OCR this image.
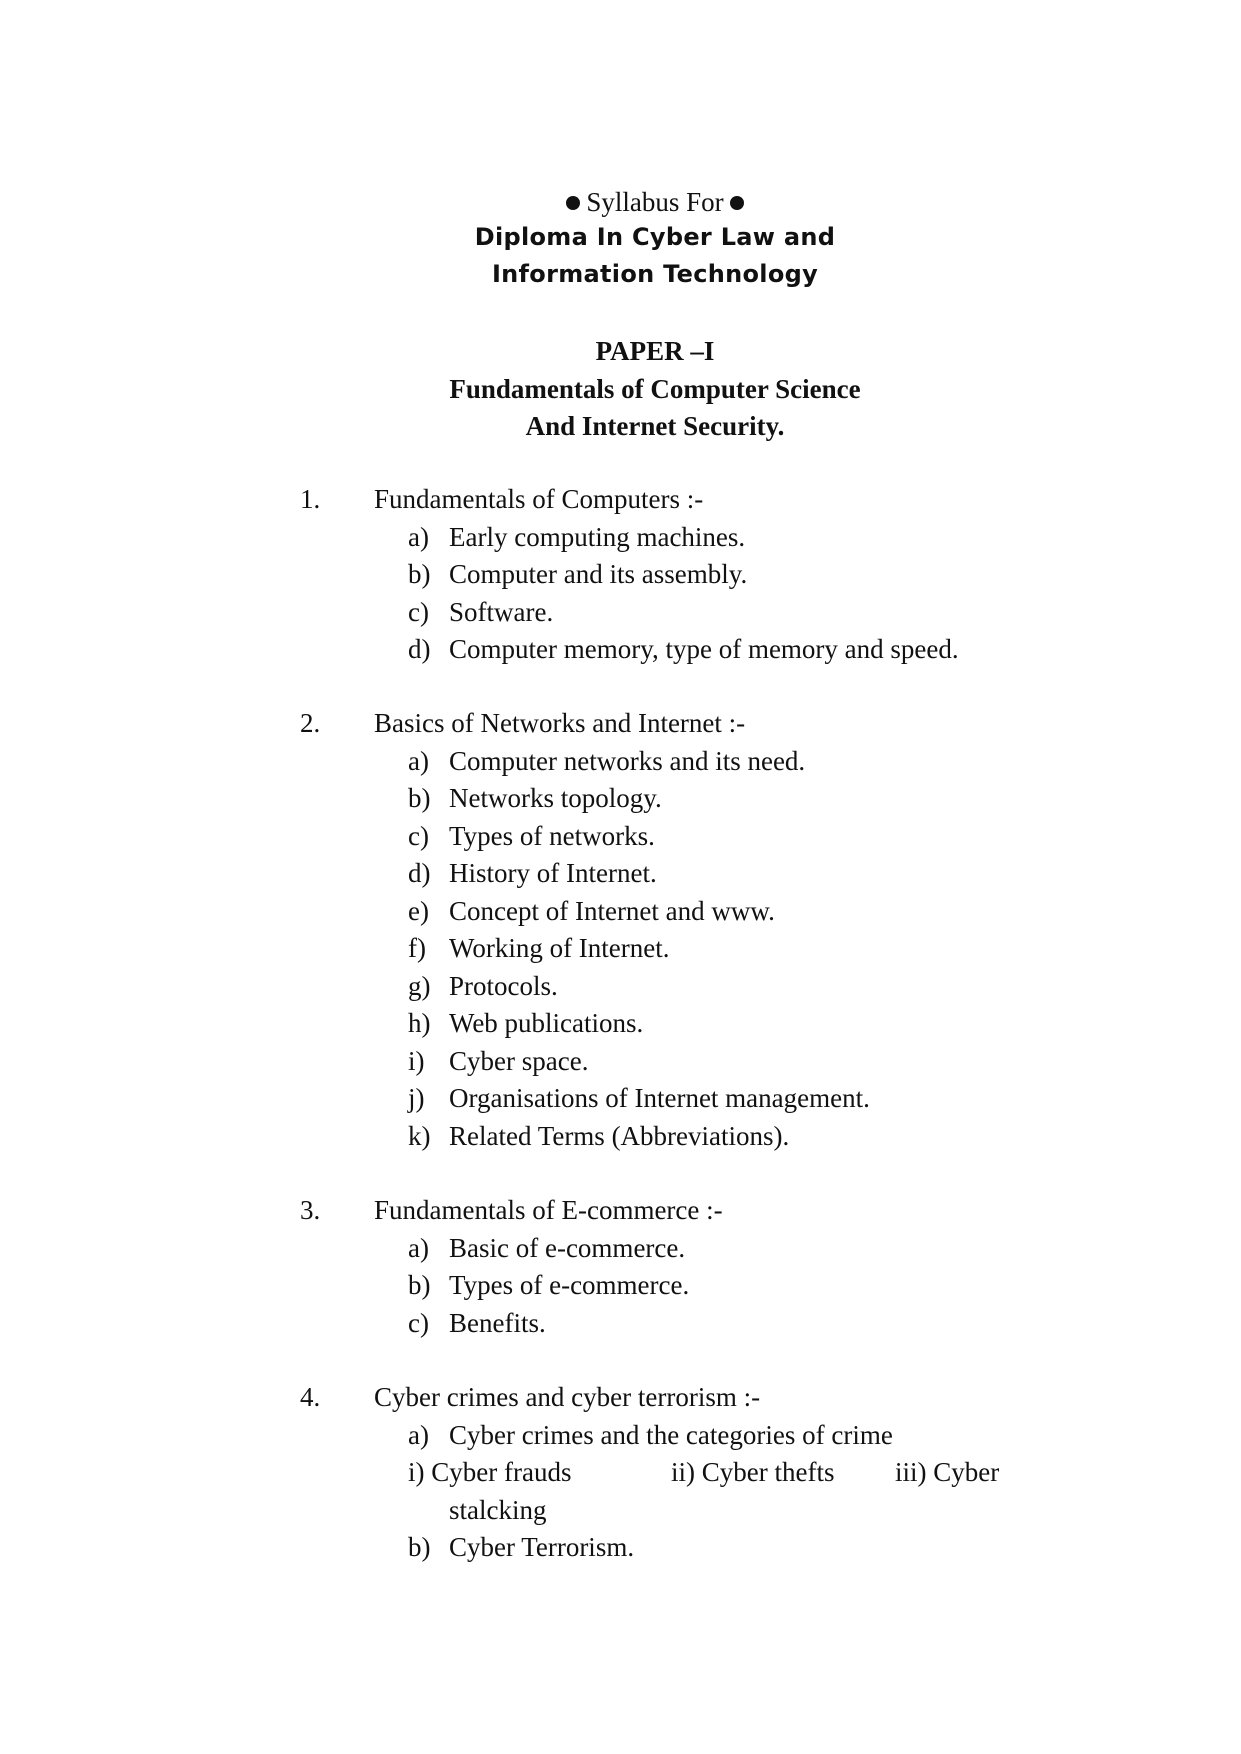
Syllabus For
Diploma In Cyber Law and
Information Technology
PAPER –I
Fundamentals of Computer Science
And Internet Security.
1. Fundamentals of Computers :-
a) Early computing machines.
b) Computer and its assembly.
c) Software.
d) Computer memory, type of memory and speed.
2. Basics of Networks and Internet :-
a) Computer networks and its need.
b) Networks topology.
c) Types of networks.
d) History of Internet.
e) Concept of Internet and www.
f) Working of Internet.
g) Protocols.
h) Web publications.
i) Cyber space.
j) Organisations of Internet management.
k) Related Terms (Abbreviations).
3. Fundamentals of E-commerce :-
a) Basic of e-commerce.
b) Types of e-commerce.
c) Benefits.
4. Cyber crimes and cyber terrorism :-
a) Cyber crimes and the categories of crime
i) Cyber frauds	ii) Cyber thefts iii) Cyber
stalcking
b) Cyber Terrorism.
